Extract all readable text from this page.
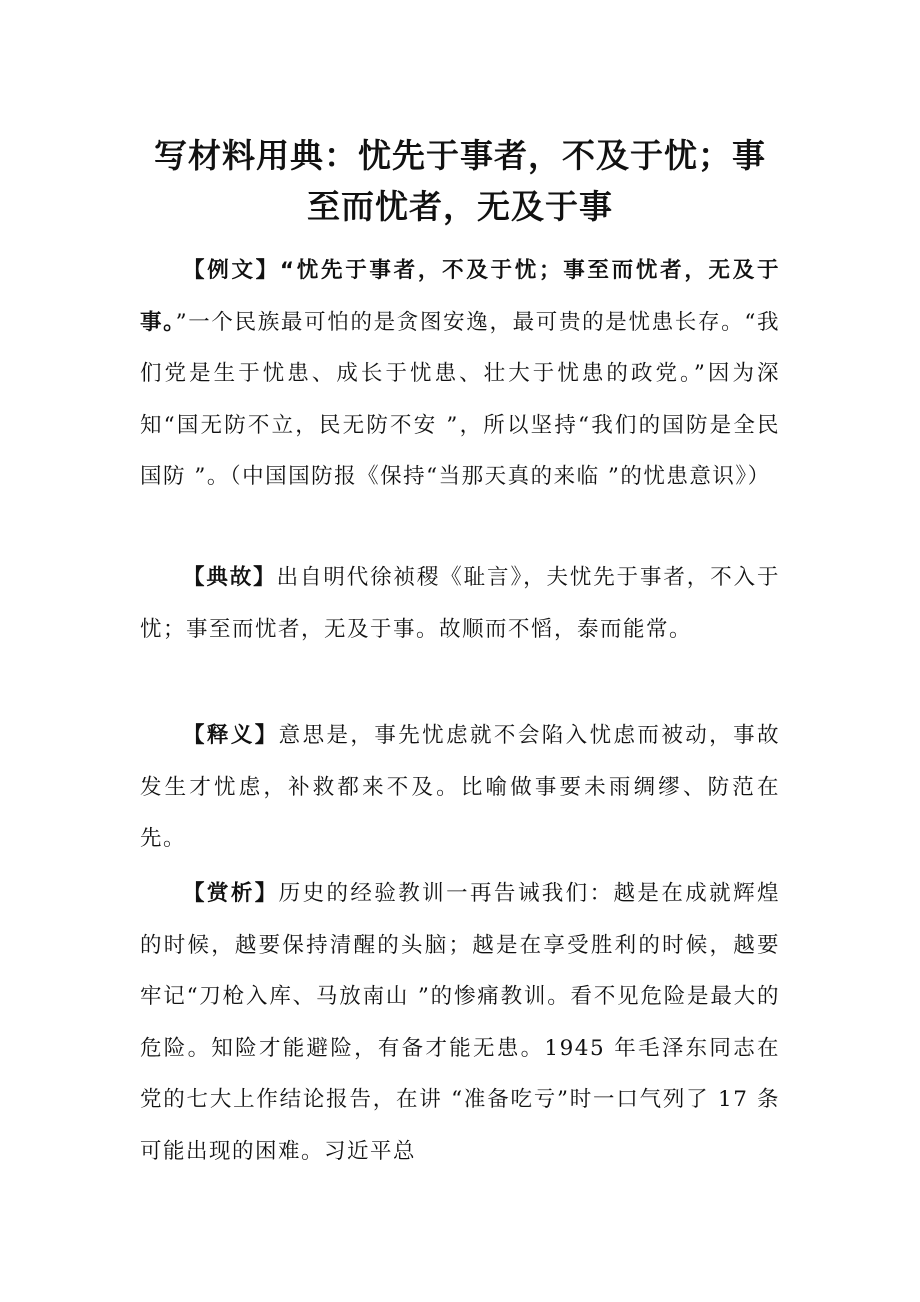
写材料用典：忧先于事者，不及于忧；事至而忧者，无及于事

【例文】“忧先于事者，不及于忧；事至而忧者，无及于事。”一个民族最可怕的是贪图安逸，最可贵的是忧患长存。“我们党是生于忧患、成长于忧患、壮大于忧患的政党。”因为深知“国无防不立，民无防不安 ”，所以坚持“我们的国防是全民国防 ”。（中国国防报《保持“当那天真的来临 ”的忧患意识》）

【典故】出自明代徐祯稷《耻言》，夫忧先于事者，不入于忧；事至而忧者，无及于事。故顺而不慆，泰而能常。

【释义】意思是，事先忧虑就不会陷入忧虑而被动，事故发生才忧虑，补救都来不及。比喻做事要未雨绸缪、防范在先。

【赏析】历史的经验教训一再告诫我们：越是在成就辉煌的时候，越要保持清醒的头脑；越是在享受胜利的时候，越要牢记“刀枪入库、马放南山 ”的惨痛教训。看不见危险是最大的危险。知险才能避险，有备才能无患。1945 年毛泽东同志在党的七大上作结论报告，在讲 “准备吃亏”时一口气列了 17 条可能出现的困难。习近平总
